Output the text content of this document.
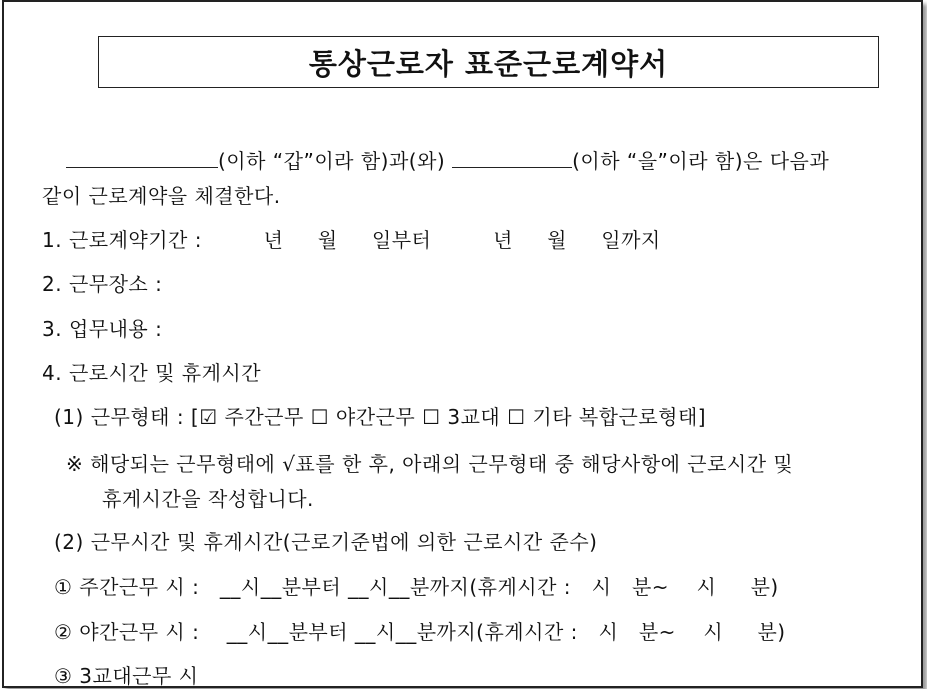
통상근로자 표준근로계약서
(이하 “갑”이라 함)과(와)	(이하 “을”이라 함)은 다음과
같이 근로계약을 체결한다.
1. 근로계약기간 :         년     월     일부터         년     월     일까지
2. 근무장소 :
3. 업무내용 :
4. 근로시간 및 휴게시간
(1) 근무형태 : [☑ 주간근무 ☐ 야간근무 ☐ 3교대 ☐ 기타 복합근로형태]
※ 해당되는 근무형태에 √표를 한 후, 아래의 근무형태 중 해당사항에 근로시간 및
휴게시간을 작성합니다.
(2) 근무시간 및 휴게시간(근로기준법에 의한 근로시간 준수)
① 주간근무 시 :   __시__분부터 __시__분까지(휴게시간 :   시   분~    시     분)
② 야간근무 시 :    __시__분부터 __시__분까지(휴게시간 :   시   분~    시     분)
③ 3교대근무 시
